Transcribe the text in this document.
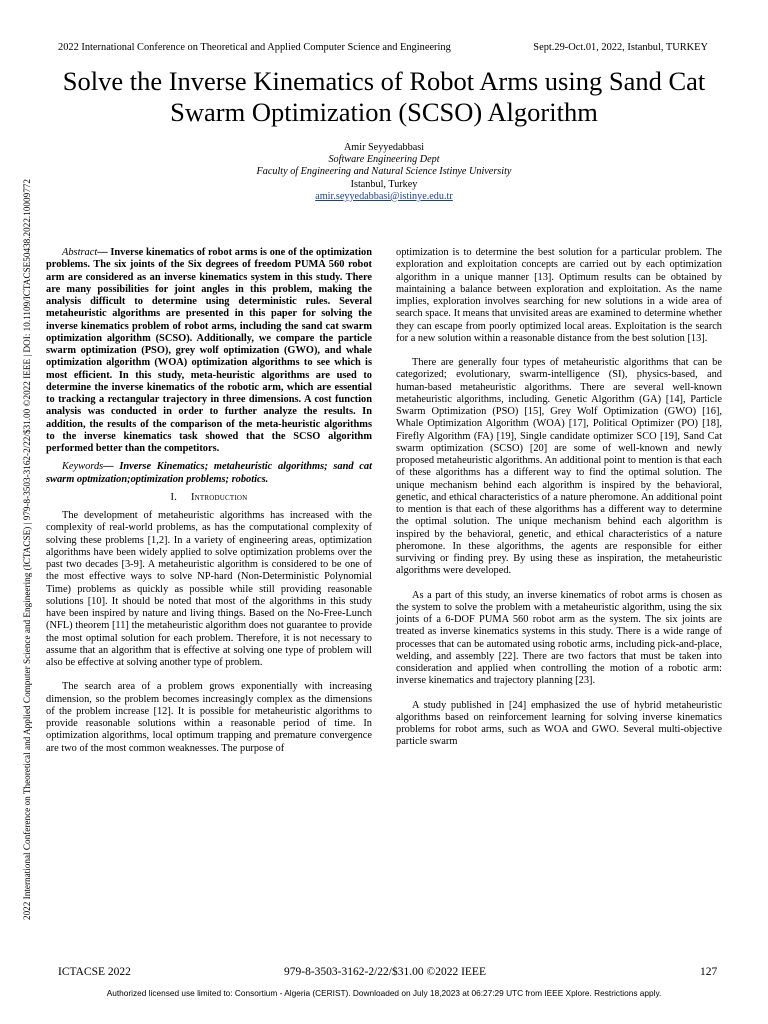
2022 International Conference on Theoretical and Applied Computer Science and Engineering	Sept.29-Oct.01, 2022, Istanbul, TURKEY
Solve the Inverse Kinematics of Robot Arms using Sand Cat Swarm Optimization (SCSO) Algorithm
Amir Seyyedabbasi
Software Engineering Dept
Faculty of Engineering and Natural Science Istinye University
Istanbul, Turkey
amir.seyyedabbasi@istinye.edu.tr
2022 International Conference on Theoretical and Applied Computer Science and Engineering (ICTACSE) | 979-8-3503-3162-2/22/$31.00 ©2022 IEEE | DOI: 10.1109/ICTACSE50438.2022.10009772	Abstract— Inverse kinematics of robot arms is one of the optimization problems. The six joints of the Six degrees of freedom PUMA 560 robot arm are considered as an inverse kinematics system in this study. There are many possibilities for joint angles in this problem, making the analysis difficult to determine using deterministic rules. Several metaheuristic algorithms are presented in this paper for solving the inverse kinematics problem of robot arms, including the sand cat swarm optimization algorithm (SCSO). Additionally, we compare the particle swarm optimization (PSO), grey wolf optimization (GWO), and whale optimization algorithm (WOA) optimization algorithms to see which is most efficient. In this study, meta-heuristic algorithms are used to determine the inverse kinematics of the robotic arm, which are essential to tracking a rectangular trajectory in three dimensions. A cost function analysis was conducted in order to further analyze the results. In addition, the results of the comparison of the meta-heuristic algorithms to the inverse kinematics task showed that the SCSO algorithm performed better than the competitors.

Keywords— Inverse Kinematics; metaheuristic algorithms; sand cat swarm optmization;optimization problems; robotics.

I. Introduction

The development of metaheuristic algorithms has increased with the complexity of real-world problems, as has the computational complexity of solving these problems [1,2]. In a variety of engineering areas, optimization algorithms have been widely applied to solve optimization problems over the past two decades [3-9]. A metaheuristic algorithm is considered to be one of the most effective ways to solve NP-hard (Non-Deterministic Polynomial Time) problems as quickly as possible while still providing reasonable solutions [10]. It should be noted that most of the algorithms in this study have been inspired by nature and living things. Based on the No-Free-Lunch (NFL) theorem [11] the metaheuristic algorithm does not guarantee to provide the most optimal solution for each problem. Therefore, it is not necessary to assume that an algorithm that is effective at solving one type of problem will also be effective at solving another type of problem.

The search area of a problem grows exponentially with increasing dimension, so the problem becomes increasingly complex as the dimensions of the problem increase [12]. It is possible for metaheuristic algorithms to provide reasonable solutions within a reasonable period of time. In optimization algorithms, local optimum trapping and premature convergence are two of the most common weaknesses. The purpose of

optimization is to determine the best solution for a particular problem. The exploration and exploitation concepts are carried out by each optimization algorithm in a unique manner [13]. Optimum results can be obtained by maintaining a balance between exploration and exploitation. As the name implies, exploration involves searching for new solutions in a wide area of search space. It means that unvisited areas are examined to determine whether they can escape from poorly optimized local areas. Exploitation is the search for a new solution within a reasonable distance from the best solution [13].

There are generally four types of metaheuristic algorithms that can be categorized; evolutionary, swarm-intelligence (SI), physics-based, and human-based metaheuristic algorithms. There are several well-known metaheuristic algorithms, including. Genetic Algorithm (GA) [14], Particle Swarm Optimization (PSO) [15], Grey Wolf Optimization (GWO) [16], Whale Optimization Algorithm (WOA) [17], Political Optimizer (PO) [18], Firefly Algorithm (FA) [19], Single candidate optimizer SCO [19], Sand Cat swarm optimization (SCSO) [20] are some of well-known and newly proposed metaheuristic algorithms. An additional point to mention is that each of these algorithms has a different way to find the optimal solution. The unique mechanism behind each algorithm is inspired by the behavioral, genetic, and ethical characteristics of a nature pheromone. An additional point to mention is that each of these algorithms has a different way to determine the optimal solution. The unique mechanism behind each algorithm is inspired by the behavioral, genetic, and ethical characteristics of a nature pheromone. In these algorithms, the agents are responsible for either surviving or finding prey. By using these as inspiration, the metaheuristic algorithms were developed.

As a part of this study, an inverse kinematics of robot arms is chosen as the system to solve the problem with a metaheuristic algorithm, using the six joints of a 6-DOF PUMA 560 robot arm as the system. The six joints are treated as inverse kinematics systems in this study. There is a wide range of processes that can be automated using robotic arms, including pick-and-place, welding, and assembly [22]. There are two factors that must be taken into consideration and applied when controlling the motion of a robotic arm: inverse kinematics and trajectory planning [23].

A study published in [24] emphasized the use of hybrid metaheuristic algorithms based on reinforcement learning for solving inverse kinematics problems for robot arms, such as WOA and GWO. Several multi-objective particle swarm

ICTACSE 2022	979-8-3503-3162-2/22/$31.00 ©2022 IEEE	127
Authorized licensed use limited to: Consortium - Algeria (CERIST). Downloaded on July 18,2023 at 06:27:29 UTC from IEEE Xplore. Restrictions apply.
